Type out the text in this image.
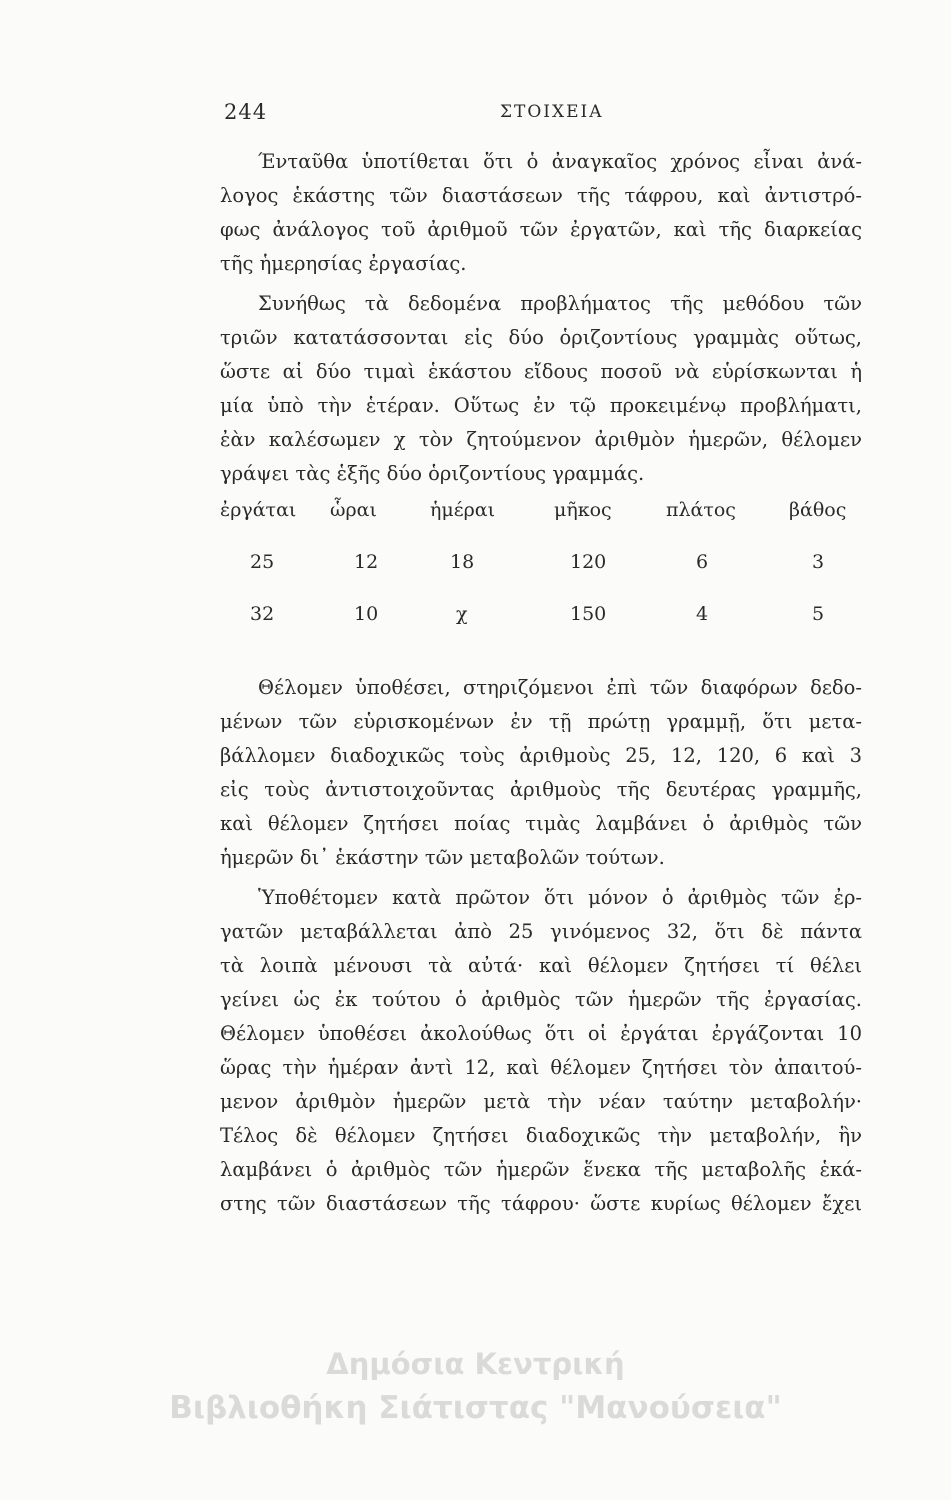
244	ΣΤΟΙΧΕΙΑ
Ένταῦθα ὑποτίθεται ὅτι ὁ ἀναγκαῖος χρόνος εἶναι ἀνά-
λογος ἑκάστης τῶν διαστάσεων τῆς τάφρου, καὶ ἀντιστρό-
φως ἀνάλογος τοῦ ἀριθμοῦ τῶν ἐργατῶν, καὶ τῆς διαρκείας
τῆς ἡμερησίας ἐργασίας.
Συνήθως τὰ δεδομένα προβλήματος τῆς μεθόδου τῶν
τριῶν κατατάσσονται εἰς δύο ὁριζοντίους γραμμὰς οὕτως,
ὥστε αἱ δύο τιμαὶ ἑκάστου εἴδους ποσοῦ νὰ εὑρίσκωνται ἡ
μία ὑπὸ τὴν ἑτέραν. Οὕτως ἐν τῷ προκειμένῳ προβλήματι,
ἐὰν καλέσωμεν χ τὸν ζητούμενον ἀριθμὸν ἡμερῶν, θέλομεν
γράψει τὰς ἑξῆς δύο ὁριζοντίους γραμμάς.
ἐργάται ὧραι	ἡμέραι	μῆκος	πλάτος	βάθος
25	12	18	120	6	3
32	10	χ	150	4	5
Θέλομεν ὑποθέσει, στηριζόμενοι ἐπὶ τῶν διαφόρων δεδο-
μένων τῶν εὑρισκομένων ἐν τῇ πρώτῃ γραμμῇ, ὅτι μετα-
βάλλομεν διαδοχικῶς τοὺς ἀριθμοὺς 25, 12, 120, 6 καὶ 3
εἰς τοὺς ἀντιστοιχοῦντας ἀριθμοὺς τῆς δευτέρας γραμμῆς,
καὶ θέλομεν ζητήσει ποίας τιμὰς λαμβάνει ὁ ἀριθμὸς τῶν
ἡμερῶν δι᾽ ἑκάστην τῶν μεταβολῶν τούτων.
Ὑποθέτομεν κατὰ πρῶτον ὅτι μόνον ὁ ἀριθμὸς τῶν ἐρ-
γατῶν μεταβάλλεται ἀπὸ 25 γινόμενος 32, ὅτι δὲ πάντα
τὰ λοιπὰ μένουσι τὰ αὐτά· καὶ θέλομεν ζητήσει τί θέλει
γείνει ὡς ἐκ τούτου ὁ ἀριθμὸς τῶν ἡμερῶν τῆς ἐργασίας.
Θέλομεν ὑποθέσει ἀκολούθως ὅτι οἱ ἐργάται ἐργάζονται 10
ὥρας τὴν ἡμέραν ἀντὶ 12, καὶ θέλομεν ζητήσει τὸν ἀπαιτού-
μενον ἀριθμὸν ἡμερῶν μετὰ τὴν νέαν ταύτην μεταβολήν·
Τέλος δὲ θέλομεν ζητήσει διαδοχικῶς τὴν μεταβολήν, ἣν
λαμβάνει ὁ ἀριθμὸς τῶν ἡμερῶν ἕνεκα τῆς μεταβολῆς ἑκά-
στης τῶν διαστάσεων τῆς τάφρου· ὥστε κυρίως θέλομεν ἔχει
Δημόσια Κεντρική
Βιβλιοθήκη Σιάτιστας "Μανούσεια"
